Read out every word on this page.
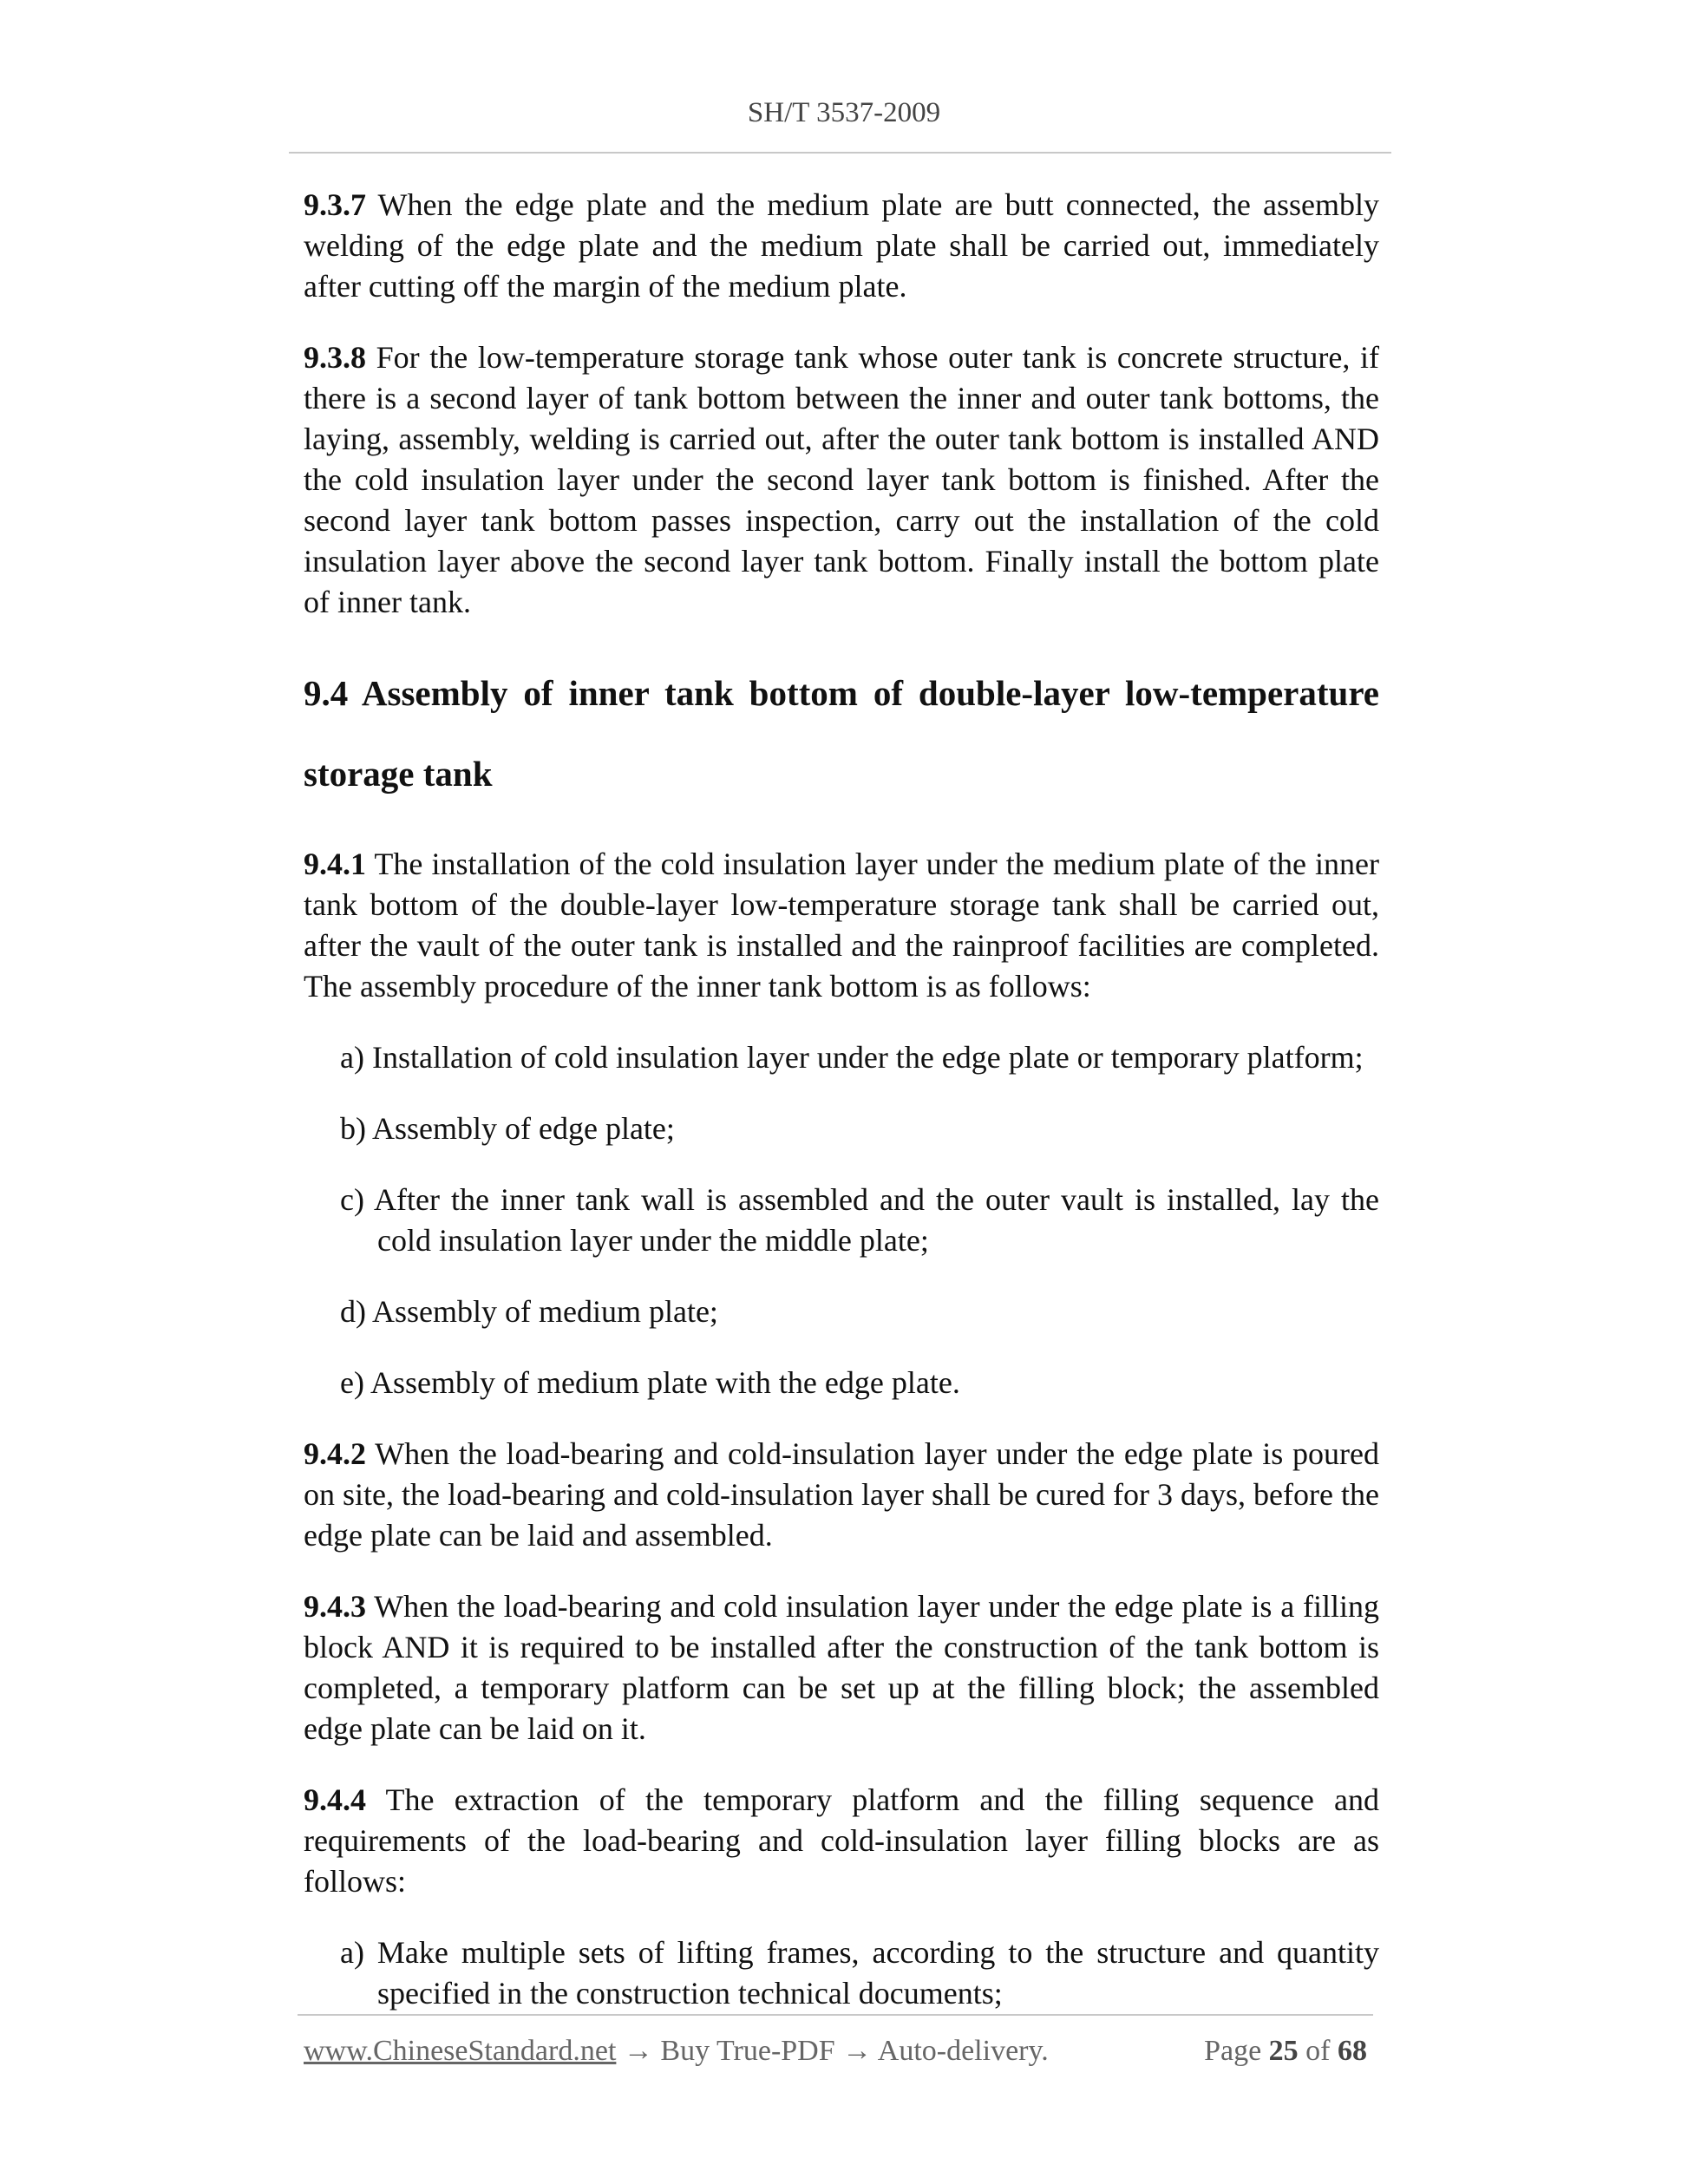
SH/T 3537-2009

9.3.7 When the edge plate and the medium plate are butt connected, the assembly welding of the edge plate and the medium plate shall be carried out, immediately after cutting off the margin of the medium plate.

9.3.8 For the low-temperature storage tank whose outer tank is concrete structure, if there is a second layer of tank bottom between the inner and outer tank bottoms, the laying, assembly, welding is carried out, after the outer tank bottom is installed AND the cold insulation layer under the second layer tank bottom is finished. After the second layer tank bottom passes inspection, carry out the installation of the cold insulation layer above the second layer tank bottom. Finally install the bottom plate of inner tank.

9.4 Assembly of inner tank bottom of double-layer low-temperature storage tank

9.4.1 The installation of the cold insulation layer under the medium plate of the inner tank bottom of the double-layer low-temperature storage tank shall be carried out, after the vault of the outer tank is installed and the rainproof facilities are completed. The assembly procedure of the inner tank bottom is as follows:

a) Installation of cold insulation layer under the edge plate or temporary platform;
b) Assembly of edge plate;
c) After the inner tank wall is assembled and the outer vault is installed, lay the cold insulation layer under the middle plate;
d) Assembly of medium plate;
e) Assembly of medium plate with the edge plate.

9.4.2 When the load-bearing and cold-insulation layer under the edge plate is poured on site, the load-bearing and cold-insulation layer shall be cured for 3 days, before the edge plate can be laid and assembled.

9.4.3 When the load-bearing and cold insulation layer under the edge plate is a filling block AND it is required to be installed after the construction of the tank bottom is completed, a temporary platform can be set up at the filling block; the assembled edge plate can be laid on it.

9.4.4 The extraction of the temporary platform and the filling sequence and requirements of the load-bearing and cold-insulation layer filling blocks are as follows:

a) Make multiple sets of lifting frames, according to the structure and quantity specified in the construction technical documents;
www.ChineseStandard.net → Buy True-PDF → Auto-delivery.	Page 25 of 68
